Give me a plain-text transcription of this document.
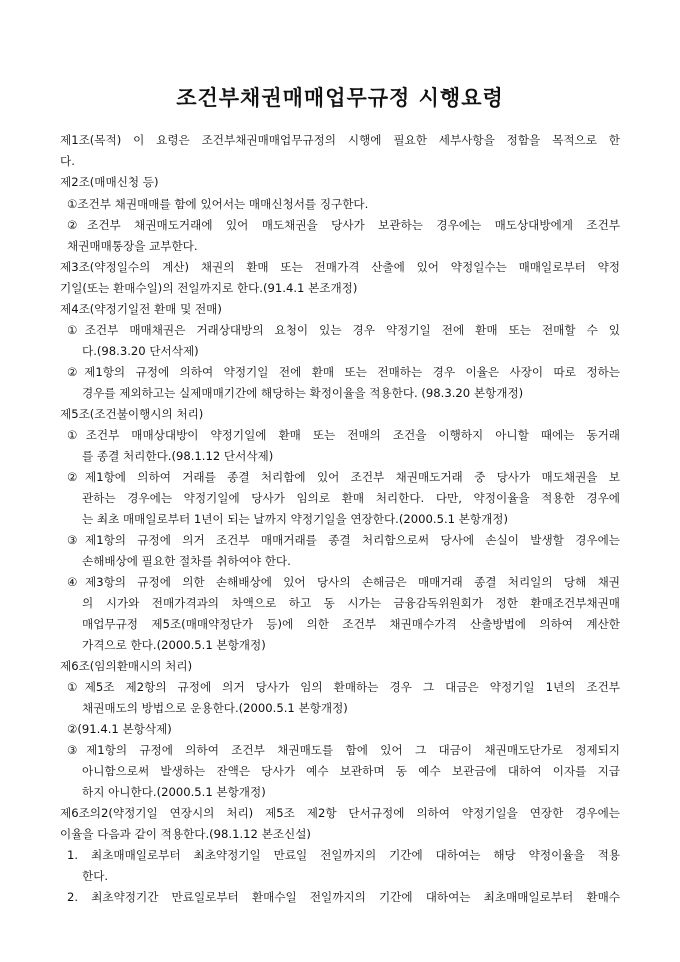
조건부채권매매업무규정 시행요령
제1조(목적) 이 요령은 조건부채권매매업무규정의 시행에 필요한 세부사항을 정함을 목적으로 한
다.
제2조(매매신청 등)
①조건부 채권매매를 함에 있어서는 매매신청서를 징구한다.
②조건부 채권매도거래에 있어 매도채권을 당사가 보관하는 경우에는 매도상대방에게 조건부
채권매매통장을 교부한다.
제3조(약정일수의 계산) 채권의 환매 또는 전매가격 산출에 있어 약정일수는 매매일로부터 약정
기일(또는 환매수일)의 전일까지로 한다.(91.4.1 본조개정)
제4조(약정기일전 환매 및 전매)
①조건부 매매채권은 거래상대방의 요청이 있는 경우 약정기일 전에 환매 또는 전매할 수 있
다.(98.3.20 단서삭제)
②제1항의 규정에 의하여 약정기일 전에 환매 또는 전매하는 경우 이율은 사장이 따로 정하는
경우를 제외하고는 실제매매기간에 해당하는 확정이율을 적용한다. (98.3.20 본항개정)
제5조(조건불이행시의 처리)
①조건부 매매상대방이 약정기일에 환매 또는 전매의 조건을 이행하지 아니할 때에는 동거래
를 종결 처리한다.(98.1.12 단서삭제)
②제1항에 의하여 거래를 종결 처리함에 있어 조건부 채권매도거래 중 당사가 매도채권을 보
관하는 경우에는 약정기일에 당사가 임의로 환매 처리한다. 다만, 약정이율을 적용한 경우에
는 최초 매매일로부터 1년이 되는 날까지 약정기일을 연장한다.(2000.5.1 본항개정)
③제1항의 규정에 의거 조건부 매매거래를 종결 처리함으로써 당사에 손실이 발생할 경우에는
손해배상에 필요한 절차를 취하여야 한다.
④제3항의 규정에 의한 손해배상에 있어 당사의 손해금은 매매거래 종결 처리일의 당해 채권
의 시가와 전매가격과의 차액으로 하고 동 시가는 금융감독위원회가 정한 환매조건부채권매
매업무규정 제5조(매매약정단가 등)에 의한 조건부 채권매수가격 산출방법에 의하여 계산한
가격으로 한다.(2000.5.1 본항개정)
제6조(임의환매시의 처리)
①제5조 제2항의 규정에 의거 당사가 임의 환매하는 경우 그 대금은 약정기일 1년의 조건부
채권매도의 방법으로 운용한다.(2000.5.1 본항개정)
②(91.4.1 본항삭제)
③제1항의 규정에 의하여 조건부 채권매도를 함에 있어 그 대금이 채권매도단가로 정제되지
아니함으로써 발생하는 잔액은 당사가 예수 보관하며 동 예수 보관금에 대하여 이자를 지급
하지 아니한다.(2000.5.1 본항개정)
제6조의2(약정기일 연장시의 처리) 제5조 제2항 단서규정에 의하여 약정기일을 연장한 경우에는
이율을 다음과 같이 적용한다.(98.1.12 본조신설)
1. 최초매매일로부터 최초약정기일 만료일 전일까지의 기간에 대하여는 해당 약정이율을 적용
한다.
2. 최초약정기간 만료일로부터 환매수일 전일까지의 기간에 대하여는 최초매매일로부터 환매수
